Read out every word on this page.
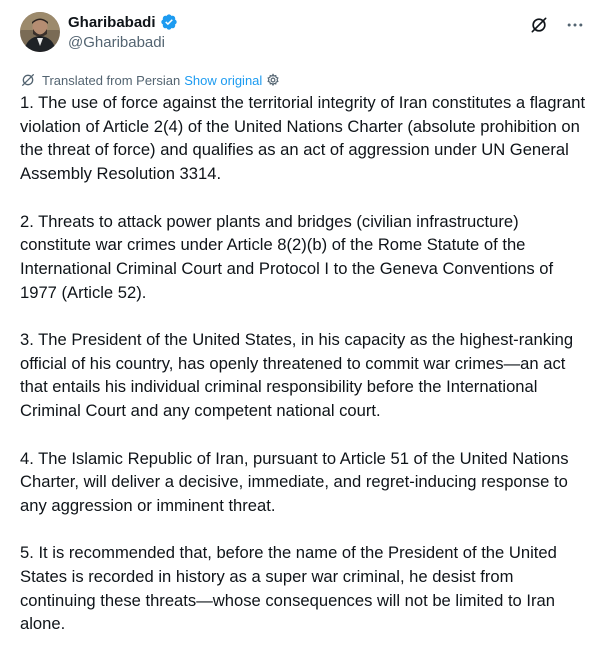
Gharibabadi
@Gharibabadi
Translated from Persian Show original

1. The use of force against the territorial integrity of Iran constitutes a flagrant violation of Article 2(4) of the United Nations Charter (absolute prohibition on the threat of force) and qualifies as an act of aggression under UN General Assembly Resolution 3314.

2. Threats to attack power plants and bridges (civilian infrastructure) constitute war crimes under Article 8(2)(b) of the Rome Statute of the International Criminal Court and Protocol I to the Geneva Conventions of 1977 (Article 52).

3. The President of the United States, in his capacity as the highest-ranking official of his country, has openly threatened to commit war crimes—an act that entails his individual criminal responsibility before the International Criminal Court and any competent national court.

4. The Islamic Republic of Iran, pursuant to Article 51 of the United Nations Charter, will deliver a decisive, immediate, and regret-inducing response to any aggression or imminent threat.

5. It is recommended that, before the name of the President of the United States is recorded in history as a super war criminal, he desist from continuing these threats—whose consequences will not be limited to Iran alone.
